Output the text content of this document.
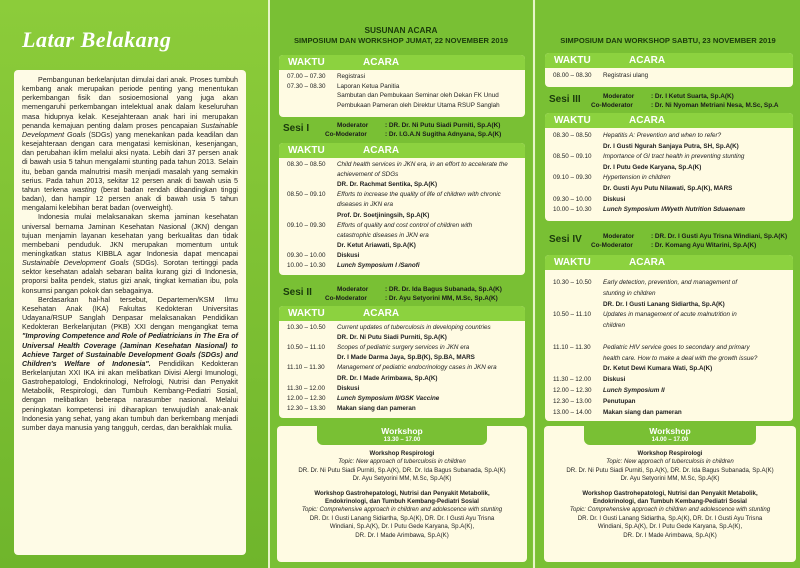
Latar Belakang

Pembangunan berkelanjutan dimulai dari anak. Proses tumbuh kembang anak merupakan periode penting yang menentukan perkembangan fisik dan sosioemosional yang juga akan memengaruhi perkembangan intelektual anak dalam keseluruhan masa hidupnya kelak. Kesejahteraan anak hari ini merupakan penanda kemajuan penting dalam proses pencapaian Sustainable Development Goals (SDGs) yang menekankan pada keadilan dan kesejahteraan dengan cara mengatasi kemiskinan, kesenjangan, dan perubahan iklim melalui aksi nyata. Lebih dari 37 persen anak di bawah usia 5 tahun mengalami stunting pada tahun 2013. Selain itu, beban ganda malnutrisi masih menjadi masalah yang semakin serius. Pada tahun 2013, sekitar 12 persen anak di bawah usia 5 tahun terkena wasting (berat badan rendah dibandingkan tinggi badan), dan hampir 12 persen anak di bawah usia 5 tahun mengalami kelebihan berat badan (overweight).

Indonesia mulai melaksanakan skema jaminan kesehatan universal bernama Jaminan Kesehatan Nasional (JKN) dengan tujuan menjamin layanan kesehatan yang berkualitas dan tidak membebani penduduk. JKN merupakan momentum untuk meningkatkan status KIBBLA agar Indonesia dapat mencapai Sustainable Development Goals (SDGs). Sorotan tertinggi pada sektor kesehatan adalah sebaran balita kurang gizi di Indonesia, proporsi balita pendek, status gizi anak, tingkat kematian ibu, pola konsumsi pangan pokok dan sebagainya.

Berdasarkan hal-hal tersebut, Departemen/KSM Ilmu Kesehatan Anak (IKA) Fakultas Kedokteran Universitas Udayana/RSUP Sanglah Denpasar melaksanakan Pendidikan Kedokteran Berkelanjutan (PKB) XXI dengan mengangkat tema "Improving Competence and Role of Pediatricians in The Era of Universal Health Coverage (Jaminan Kesehatan Nasional) to Achieve Target of Sustainable Development Goals (SDGs) and Children's Welfare of Indonesia". Pendidikan Kedokteran Berkelanjutan XXI IKA ini akan melibatkan Divisi Alergi Imunologi, Gastrohepatologi, Endokrinologi, Nefrologi, Nutrisi dan Penyakit Metabolik, Respirologi, dan Tumbuh Kembang-Pediatri Sosial, dengan melibatkan beberapa narasumber nasional. Melalui peningkatan kompetensi ini diharapkan terwujudlah anak-anak Indonesia yang sehat, yang akan tumbuh dan berkembang menjadi sumber daya manusia yang tangguh, cerdas, dan berakhlak mulia.

SUSUNAN ACARA
SIMPOSIUM DAN WORKSHOP JUMAT, 22 NOVEMBER 2019
WAKTU	ACARA
07.00 – 07.30	Registrasi
07.30 – 08.30	Laporan Ketua Panitia
Sambutan dan Pembukaan Seminar oleh Dekan FK Unud
Pembukaan Pameran oleh Direktur Utama RSUP Sanglah
Sesi I	Moderator	: DR. Dr. Ni Putu Siadi Purniti, Sp.A(K)
Co-Moderator	: Dr. I.G.A.N Sugitha Adnyana, Sp.A(K)
WAKTU	ACARA
08.30 – 08.50	Child health services in JKN era, in an effort to accelerate the
achievement of SDGs
DR. Dr. Rachmat Sentika, Sp.A(K)
08.50 – 09.10	Efforts to increase the quality of life of children with chronic
diseases in JKN era
Prof. Dr. Soetjiningsih, Sp.A(K)
09.10 – 09.30	Efforts of quality and cost control of children with
catastrophic diseases in JKN era
Dr. Ketut Ariawati, Sp.A(K)
09.30 – 10.00	Diskusi
10.00 – 10.30	Lunch Symposium I /Sanofi
Sesi II	Moderator	: DR. Dr. Ida Bagus Subanada, Sp.A(K)
Co-Moderator	: Dr. Ayu Setyorini MM, M.Sc, Sp.A(K)
WAKTU	ACARA
10.30 – 10.50	Current updates of tuberculosis in developing countries
DR. Dr. Ni Putu Siadi Purniti, Sp.A(K)
10.50 – 11.10	Scopes of pediatric surgery services in JKN era
Dr. I Made Darma Jaya, Sp.B(K), Sp.BA, MARS
11.10 – 11.30	Management of pediatric endocrinology cases in JKN era
DR. Dr. I Made Arimbawa, Sp.A(K)
11.30 – 12.00	Diskusi
12.00 – 12.30	Lunch Symposium II/GSK Vaccine
12.30 – 13.30	Makan siang dan pameran
Workshop
13.30 – 17.00
Workshop Respirologi
Topic: New approach of tuberculosis in children
DR. Dr. Ni Putu Siadi Purniti, Sp.A(K), DR. Dr. Ida Bagus Subanada, Sp.A(K)
Dr. Ayu Setyorini MM, M.Sc, Sp.A(K)
Workshop Gastrohepatologi, Nutrisi dan Penyakit Metabolik,
Endokrinologi, dan Tumbuh Kembang-Pediatri Sosial
Topic: Comprehensive approach in children and adolescence with stunting
DR. Dr. I Gusti Lanang Sidiartha, Sp.A(K), DR. Dr. I Gusti Ayu Trisna
Windiani, Sp.A(K), Dr. I Putu Gede Karyana, Sp.A(K),
DR. Dr. I Made Arimbawa, Sp.A(K)
SIMPOSIUM DAN WORKSHOP SABTU, 23 NOVEMBER 2019
WAKTU	ACARA
08.00 – 08.30	Registrasi ulang
Sesi III	Moderator	: Dr. I Ketut Suarta, Sp.A(K)
Co-Moderator	: Dr. Ni Nyoman Metriani Nesa, M.Sc, Sp.A
WAKTU	ACARA
08.30 – 08.50	Hepatitis A: Prevention and when to refer?
Dr. I Gusti Ngurah Sanjaya Putra, SH, Sp.A(K)
08.50 – 09.10	Importance of GI tract health in preventing stunting
Dr. I Putu Gede Karyana, Sp.A(K)
09.10 – 09.30	Hypertension in children
Dr. Gusti Ayu Putu Nilawati, Sp.A(K), MARS
09.30 – 10.00	Diskusi
10.00 – 10.30	Lunch Symposium I/Wyeth Nutrition Sduaenam
Sesi IV	Moderator	: DR. Dr. I Gusti Ayu Trisna Windiani, Sp.A(K)
Co-Moderator	: Dr. Komang Ayu Witarini, Sp.A(K)
WAKTU	ACARA
10.30 – 10.50	Early detection, prevention, and management of
stunting in children
DR. Dr. I Gusti Lanang Sidiartha, Sp.A(K)
10.50 – 11.10	Updates in management of acute malnutrition in
children
11.10 – 11.30	Pediatric HIV service goes to secondary and primary
health care. How to make a deal with the growth issue?
Dr. Ketut Dewi Kumara Wati, Sp.A(K)
11.30 – 12.00	Diskusi
12.00 – 12.30	Lunch Symposium II
12.30 – 13.00	Penutupan
13.00 – 14.00	Makan siang dan pameran
Workshop
14.00 – 17.00
Workshop Respirologi
Topic: New approach of tuberculosis in children
DR. Dr. Ni Putu Siadi Purniti, Sp.A(K), DR. Dr. Ida Bagus Subanada, Sp.A(K)
Dr. Ayu Setyorini MM, M.Sc, Sp.A(K)
Workshop Gastrohepatologi, Nutrisi dan Penyakit Metabolik,
Endokrinologi, dan Tumbuh Kembang-Pediatri Sosial
Topic: Comprehensive approach in children and adolescence with stunting
DR. Dr. I Gusti Lanang Sidiartha, Sp.A(K), DR. Dr. I Gusti Ayu Trisna
Windiani, Sp.A(K), Dr. I Putu Gede Karyana, Sp.A(K),
DR. Dr. I Made Arimbawa, Sp.A(K)
